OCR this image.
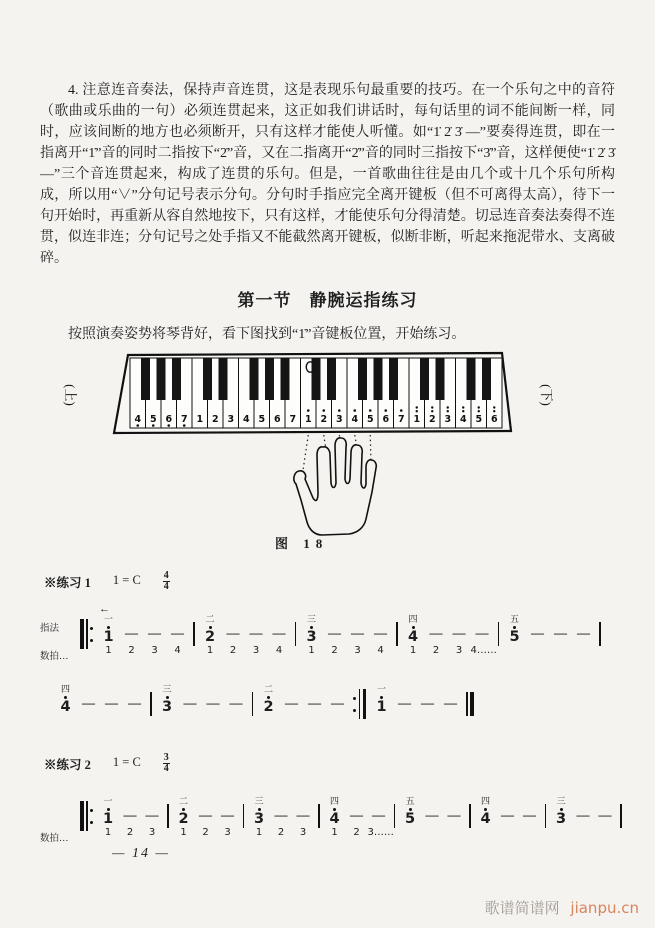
4. 注意连音奏法，保持声音连贯，这是表现乐句最重要的技巧。在一个乐句之中的音符（歌曲或乐曲的一句）必须连贯起来，这正如我们讲话时，每句话里的词不能间断一样，同时，应该间断的地方也必须断开，只有这样才能使人听懂。如“1̇ 2̇ 3̇ —”要奏得连贯，即在一指离开“1̇”音的同时二指按下“2̇”音，又在二指离开“2̇”音的同时三指按下“3̇”音，这样便使“1̇ 2̇ 3̇ —”三个音连贯起来，构成了连贯的乐句。但是，一首歌曲往往是由几个或十几个乐句所构成，所以用“∨”分句记号表示分句。分句时手指应完全离开键板（但不可离得太高），待下一句开始时，再重新从容自然地按下，只有这样，才能使乐句分得清楚。切忌连音奏法奏得不连贯，似连非连；分句记号之处手指又不能截然离开键板，似断非断，听起来拖泥带水、支离破碎。

第一节　静腕运指练习

按照演奏姿势将琴背好，看下图找到“1̇”音键板位置，开始练习。

4 5 6 7 1 2 3 4 5 6 7 1 2 3 4 5 6 7 1 2 3 4 5 6
(上)	(下)
图 18
※练习 1 1 = C $\frac{4}{4}$
指法
数拍…
一
←
1
1
—
2
—
3
—
4
二
2
1
—
2
—
3
—
4
三
3
1
—
2
—
3
—
4
四
4
1
—
2
—
3
—
4……
五
5 — — —
四
4 — — —
三
3 — — —
二
2 — — —
一
1 — — —
※练习 2 1 = C $\frac{3}{4}$
数拍…
一
1
1
—
2
—
3
二
2
1
—
2
—
3
三
3
1
—
2
—
3
四
4
1
—
2
—
3……
五
5 — —
四
4 — —
三
3 — —
— 14 —
歌谱简谱网 jianpu.cn
